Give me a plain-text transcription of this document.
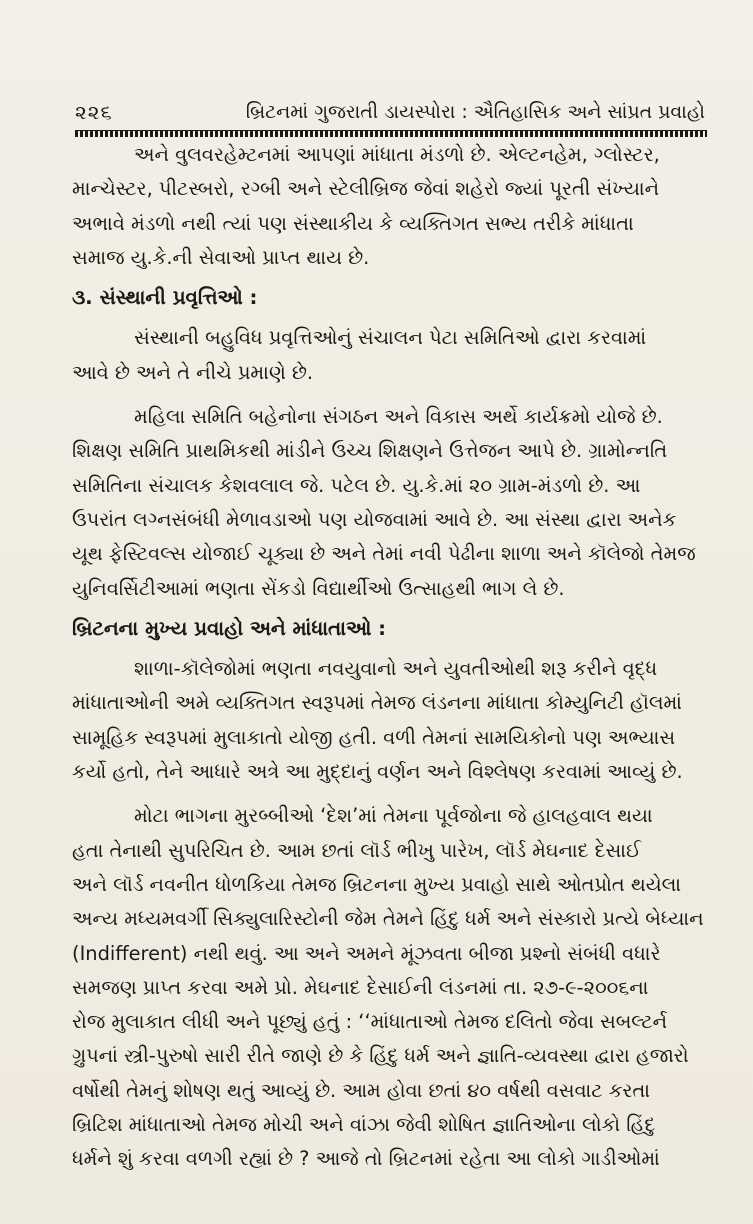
૨૨૬	બ્રિટનમાં ગુજરાતી ડાયસ્પોરા : ઐતિહાસિક અને સાંપ્રત પ્રવાહો
અને વુલવરહેમ્ટનમાં આપણાં માંધાતા મંડળો છે. એલ્ટનહેમ, ગ્લોસ્ટર,
માન્ચેસ્ટર, પીટસ્બરો, રગ્બી અને સ્ટેલીબ્રિજ જેવાં શહેરો જ્યાં પૂરતી સંખ્યાને
અભાવે મંડળો નથી ત્યાં પણ સંસ્થાકીય કે વ્યક્તિગત સભ્ય તરીકે માંધાતા
સમાજ યુ.કે.ની સેવાઓ પ્રાપ્ત થાય છે.
૩. સંસ્થાની પ્રવૃત્તિઓ :
સંસ્થાની બહુવિધ પ્રવૃત્તિઓનું સંચાલન પેટા સમિતિઓ દ્વારા કરવામાં
આવે છે અને તે નીચે પ્રમાણે છે.
મહિલા સમિતિ બહેનોના સંગઠન અને વિકાસ અર્થે કાર્યક્રમો યોજે છે.
શિક્ષણ સમિતિ પ્રાથમિકથી માંડીને ઉચ્ચ શિક્ષણને ઉત્તેજન આપે છે. ગ્રામોન્નતિ
સમિતિના સંચાલક કેશવલાલ જે. પટેલ છે. યુ.કે.માં ૨૦ ગ્રામ-મંડળો છે. આ
ઉપરાંત લગ્નસંબંધી મેળાવડાઓ પણ યોજવામાં આવે છે. આ સંસ્થા દ્વારા અનેક
યૂથ ફેસ્ટિવલ્સ યોજાઈ ચૂક્યા છે અને તેમાં નવી પેઢીના શાળા અને કૉલેજો તેમજ
યુનિવર્સિટીઆમાં ભણતા સેંકડો વિદ્યાર્થીઓ ઉત્સાહથી ભાગ લે છે.
બ્રિટનના મુખ્ય પ્રવાહો અને માંધાતાઓ :
શાળા-કૉલેજોમાં ભણતા નવયુવાનો અને યુવતીઓથી શરૂ કરીને વૃદ્ધ
માંધાતાઓની અમે વ્યક્તિગત સ્વરૂપમાં તેમજ લંડનના માંધાતા કોમ્યુનિટી હૉલમાં
સામૂહિક સ્વરૂપમાં મુલાકાતો યોજી હતી. વળી તેમનાં સામયિકોનો પણ અભ્યાસ
કર્યો હતો, તેને આધારે અત્રે આ મુદ્દાનું વર્ણન અને વિશ્લેષણ કરવામાં આવ્યું છે.
મોટા ભાગના મુરબ્બીઓ ‘દેશ’માં તેમના પૂર્વજોના જે હાલહવાલ થયા
હતા તેનાથી સુપરિચિત છે. આમ છતાં લૉર્ડ ભીખુ પારેખ, લૉર્ડ મેઘનાદ દેસાઈ
અને લૉર્ડ નવનીત ધોળકિયા તેમજ બ્રિટનના મુખ્ય પ્રવાહો સાથે ઓતપ્રોત થયેલા
અન્ય મધ્યમવર્ગી સિક્યુલારિસ્ટોની જેમ તેમને હિંદુ ધર્મ અને સંસ્કારો પ્રત્યે બેધ્યાન
(Indifferent) નથી થવું. આ અને અમને મૂંઝવતા બીજા પ્રશ્નો સંબંધી વધારે
સમજણ પ્રાપ્ત કરવા અમે પ્રો. મેઘનાદ દેસાઈની લંડનમાં તા. ૨૭-૯-૨૦૦૬ના
રોજ મુલાકાત લીધી અને પૂછ્યું હતું : ‘‘માંધાતાઓ તેમજ દલિતો જેવા સબલ્ટર્ન
ગ્રુપનાં સ્ત્રી-પુરુષો સારી રીતે જાણે છે કે હિંદુ ધર્મ અને જ્ઞાતિ-વ્યવસ્થા દ્વારા હજારો
વર્ષોથી તેમનું શોષણ થતું આવ્યું છે. આમ હોવા છતાં ૪૦ વર્ષથી વસવાટ કરતા
બ્રિટિશ માંધાતાઓ તેમજ મોચી અને વાંઝા જેવી શોષિત જ્ઞાતિઓના લોકો હિંદુ
ધર્મને શું કરવા વળગી રહ્યાં છે ? આજે તો બ્રિટનમાં રહેતા આ લોકો ગાડીઓમાં
